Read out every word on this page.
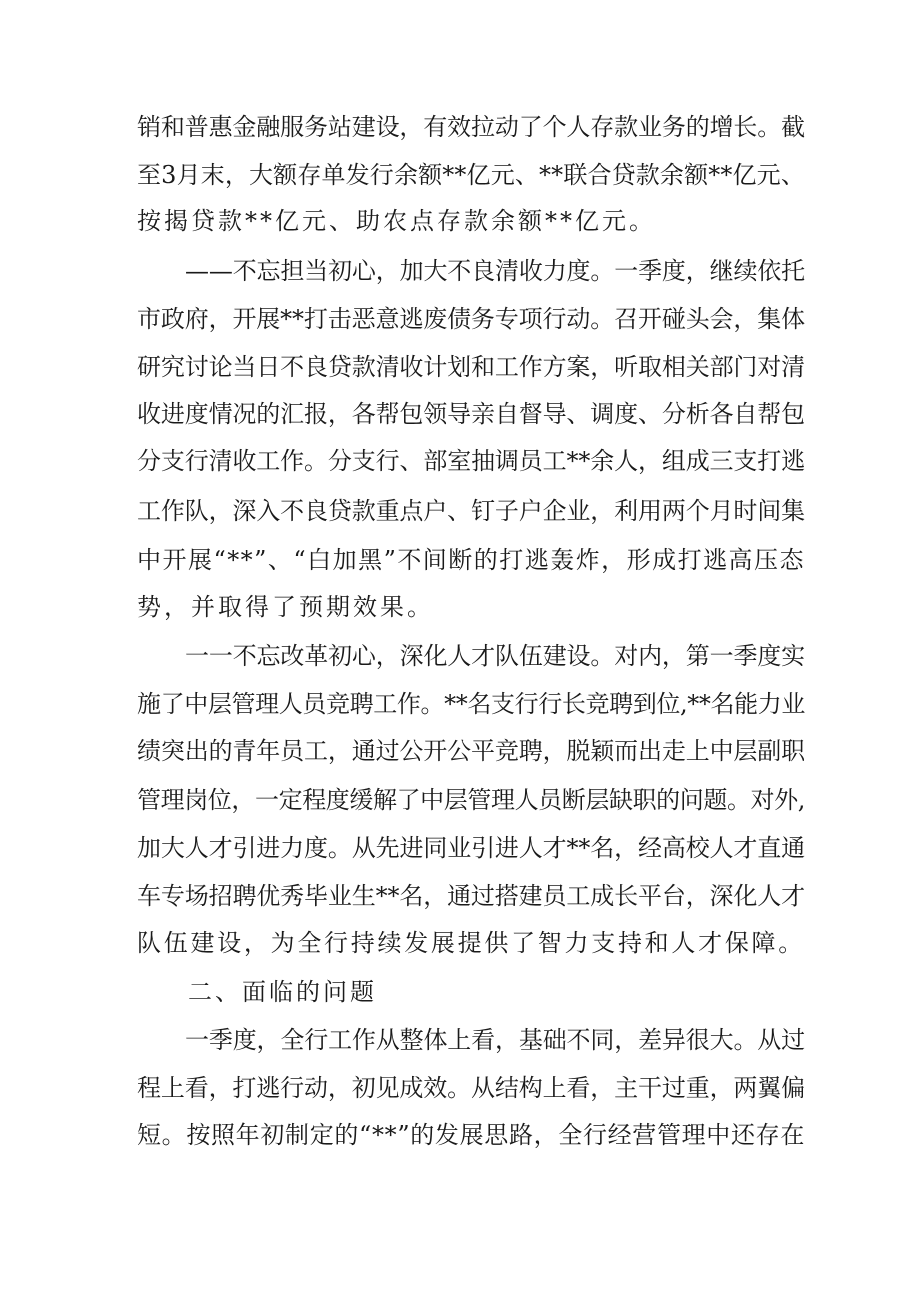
销和普惠金融服务站建设，有效拉动了个人存款业务的增长。截
至3月末，大额存单发行余额**亿元、**联合贷款余额**亿元、
按揭贷款**亿元、助农点存款余额**亿元。
——不忘担当初心，加大不良清收力度。一季度，继续依托
市政府，开展**打击恶意逃废债务专项行动。召开碰头会，集体
研究讨论当日不良贷款清收计划和工作方案，听取相关部门对清
收进度情况的汇报，各帮包领导亲自督导、调度、分析各自帮包
分支行清收工作。分支行、部室抽调员工**余人，组成三支打逃
工作队，深入不良贷款重点户、钉子户企业，利用两个月时间集
中开展“**”、“白加黑”不间断的打逃轰炸，形成打逃高压态
势，并取得了预期效果。
一一不忘改革初心，深化人才队伍建设。对内，第一季度实
施了中层管理人员竞聘工作。**名支行行长竞聘到位,**名能力业
绩突出的青年员工，通过公开公平竞聘，脱颖而出走上中层副职
管理岗位，一定程度缓解了中层管理人员断层缺职的问题。对外,
加大人才引进力度。从先进同业引进人才**名，经高校人才直通
车专场招聘优秀毕业生**名，通过搭建员工成长平台，深化人才
队伍建设，为全行持续发展提供了智力支持和人才保障。
二、面临的问题
一季度，全行工作从整体上看，基础不同，差异很大。从过
程上看，打逃行动，初见成效。从结构上看，主干过重，两翼偏
短。按照年初制定的“**”的发展思路，全行经营管理中还存在
